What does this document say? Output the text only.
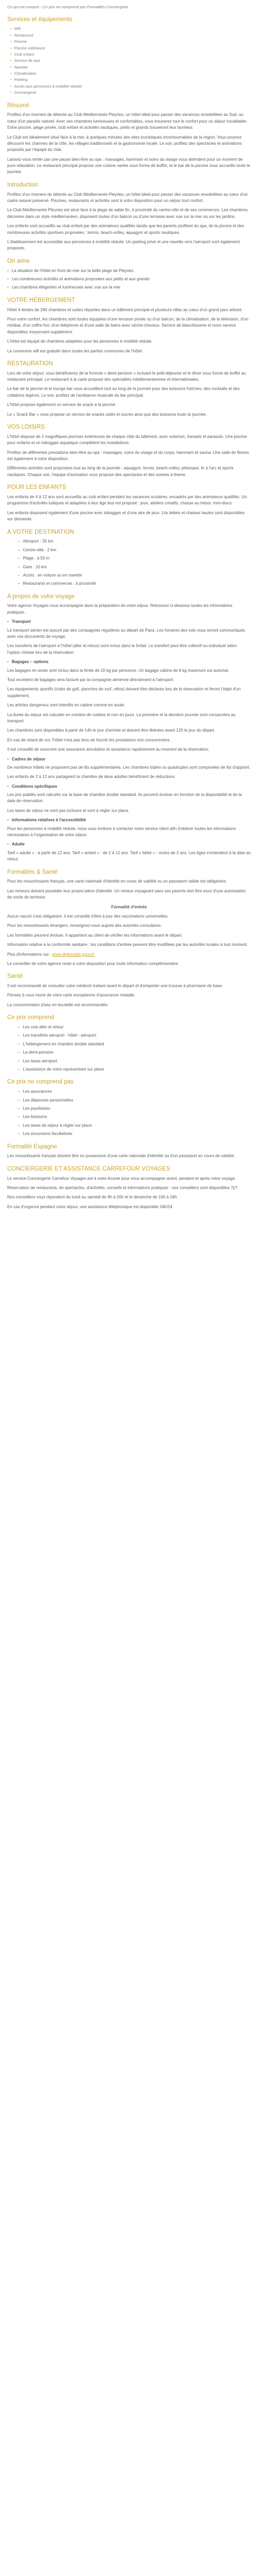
Ce qui est compris - Ce prix ne comprend pas Formalités Conciergerie

Services et équipements
• Wifi
• Restaurant
• Piscine
• Piscine extérieure
• Club enfant
• Service de spa
• Navette
• Climatisation
• Parking
• Accès aux personnes à mobilité réduite
• Conciergerie
Résumé

Profitez d'un moment de détente au Club Méditerranée Pleyries, un hôtel idéal pour passer des vacances ensoleillées au Sud, au cœur d'un paradis naturel. Avec ses chambres lumineuses et confortables, vous trouverez tout le confort pour un séjour inoubliable. Entre piscine, plage privée, club enfant et activités nautiques, petits et grands trouveront leur bonheur.

Le Club est idéalement situé face à la mer, à quelques minutes des sites touristiques incontournables de la région. Vous pourrez découvrir les charmes de la côte, les villages traditionnels et la gastronomie locale. Le soir, profitez des spectacles et animations proposés par l'équipe du club.

Laissez-vous tenter par une pause bien-être au spa : massages, hammam et soins du visage vous attendent pour un moment de pure relaxation. Le restaurant principal propose une cuisine variée sous forme de buffet, et le bar de la piscine vous accueille toute la journée.

Introduction

Profitez d'un moment de détente au Club Méditerranée Pleyries, un hôtel idéal pour passer des vacances ensoleillées au cœur d'un cadre naturel préservé. Piscines, restaurants et activités sont à votre disposition pour un séjour tout confort.

Le Club Méditerranée Pleyries est situé face à la plage de sable fin, à proximité du centre-ville et de ses commerces. Les chambres, décorées dans un style méditerranéen, disposent toutes d'un balcon ou d'une terrasse avec vue sur la mer ou sur les jardins.

Les enfants sont accueillis au club enfant par des animateurs qualifiés tandis que les parents profitent du spa, de la piscine et des nombreuses activités sportives proposées : tennis, beach-volley, aquagym et sports nautiques.

L'établissement est accessible aux personnes à mobilité réduite. Un parking privé et une navette vers l'aéroport sont également proposés.

On aime

• La situation de l'hôtel en front de mer sur la belle plage de Pleyries

• Les nombreuses activités et animations proposées aux petits et aux grands

• Les chambres élégantes et lumineuses avec vue sur la mer

VOTRE HÉBERGEMENT

Hôtel 4 étoiles de 296 chambres et suites réparties dans un bâtiment principal et plusieurs villas au cœur d'un grand parc arboré.

Pour votre confort, les chambres sont toutes équipées d'une terrasse privée ou d'un balcon, de la climatisation, de la télévision, d'un minibar, d'un coffre-fort, d'un téléphone et d'une salle de bains avec sèche-cheveux. Service de blanchisserie et room service disponibles moyennant supplément.

L'hôtel est équipé de chambres adaptées pour les personnes à mobilité réduite.

La connexion wifi est gratuite dans toutes les parties communes de l'hôtel.

RESTAURATION

Lors de votre séjour, vous bénéficierez de la formule « demi-pension » incluant le petit-déjeuner et le dîner sous forme de buffet au restaurant principal. Le restaurant à la carte propose des spécialités méditerranéennes et internationales.

Le bar de la piscine et le lounge bar vous accueillent tout au long de la journée pour des boissons fraîches, des cocktails et des collations légères. Le soir, profitez de l'ambiance musicale du bar principal.

L'hôtel propose également un service de snack à la piscine.

Le « Snack Bar » vous propose un service de snacks salés et sucrés ainsi que des boissons toute la journée.

VOS LOISIRS

L'hôtel dispose de 2 magnifiques piscines extérieures de chaque côté du bâtiment, avec solarium, transats et parasols. Une piscine pour enfants et un toboggan aquatique complètent les installations.

Profitez de différentes prestations bien-être au spa : massages, soins du visage et du corps, hammam et sauna. Une salle de fitness est également à votre disposition.

Différentes activités sont proposées tout au long de la journée : aquagym, tennis, beach-volley, pétanque, tir à l'arc et sports nautiques. Chaque soir, l'équipe d'animation vous propose des spectacles et des soirées à thème.

POUR LES ENFANTS

Les enfants de 4 à 12 ans sont accueillis au club enfant pendant les vacances scolaires, encadrés par des animateurs qualifiés. Un programme d'activités ludiques et adaptées à leur âge leur est proposé : jeux, ateliers créatifs, chasse au trésor, mini-disco.

Les enfants disposent également d'une piscine avec toboggan et d'une aire de jeux. Lits bébés et chaises hautes sont disponibles sur demande.

A VOTRE DESTINATION

– Aéroport : 35 km

– Centre-ville : 2 km

– Plage : à 50 m

– Gare : 10 km

– Accès : en voiture ou en navette

– Restaurants et commerces : à proximité

A propos de votre voyage

Votre agence Voyages vous accompagne dans la préparation de votre séjour. Retrouvez ci-dessous toutes les informations pratiques.

• Transport

Le transport aérien est assuré par des compagnies régulières au départ de Paris. Les horaires des vols vous seront communiqués avec vos documents de voyage.

Les transferts de l'aéroport à l'hôtel (aller et retour) sont inclus dans le forfait. Le transfert peut être collectif ou individuel selon l'option choisie lors de la réservation.

• Bagages – options

Les bagages en soute sont inclus dans la limite de 20 kg par personne. Un bagage cabine de 8 kg maximum est autorisé.

Tout excédent de bagages sera facturé par la compagnie aérienne directement à l'aéroport.

Les équipements sportifs (clubs de golf, planches de surf, vélos) doivent être déclarés lors de la réservation et feront l'objet d'un supplément.

Les articles dangereux sont interdits en cabine comme en soute.

La durée du séjour est calculée en nombre de nuitées et non en jours. La première et la dernière journée sont consacrées au transport.

Les chambres sont disponibles à partir de 14h le jour d'arrivée et doivent être libérées avant 12h le jour du départ.

En cas de retard de vol, l'hôtel n'est pas tenu de fournir les prestations non consommées.

Il est conseillé de souscrire une assurance annulation et assistance rapatriement au moment de la réservation.

• Cadres de séjour

De nombreux hôtels ne proposent pas de lits supplémentaires. Les chambres triples ou quadruples sont composées de lits d'appoint.

Les enfants de 2 à 12 ans partageant la chambre de deux adultes bénéficient de réductions.

• Conditions spécifiques

Les prix publiés sont calculés sur la base de chambre double standard. Ils peuvent évoluer en fonction de la disponibilité et de la date de réservation.

Les taxes de séjour ne sont pas incluses et sont à régler sur place.

• Informations relatives à l'accessibilité

Pour les personnes à mobilité réduite, nous vous invitons à contacter notre service client afin d'obtenir toutes les informations nécessaires à l'organisation de votre séjour.

• Adulte

Tarif « adulte » : à partir de 12 ans. Tarif « enfant » : de 2 à 12 ans. Tarif « bébé » : moins de 2 ans. Les âges s'entendent à la date du retour.

Formalités & Santé

Pour les ressortissants français, une carte nationale d'identité en cours de validité ou un passeport valide est obligatoire.

Les mineurs doivent posséder leur propre pièce d'identité. Un mineur voyageant sans ses parents doit être muni d'une autorisation de sortie de territoire.

Formalité d'entrée

Aucun vaccin n'est obligatoire. Il est conseillé d'être à jour des vaccinations universelles.

Pour les ressortissants étrangers, renseignez-vous auprès des autorités consulaires.

Les formalités peuvent évoluer. Il appartient au client de vérifier les informations avant le départ.

Information relative à la conformité sanitaire : les conditions d'entrée peuvent être modifiées par les autorités locales à tout moment.

Plus d'informations sur : www.diplomatie.gouv.fr

Le conseiller de votre agence reste à votre disposition pour toute information complémentaire.

Santé

Il est recommandé de consulter votre médecin traitant avant le départ et d'emporter une trousse à pharmacie de base.

Pensez à vous munir de votre carte européenne d'assurance maladie.

La consommation d'eau en bouteille est recommandée.

Ce prix comprend

– Les vols aller et retour

– Les transferts aéroport - hôtel - aéroport

– L'hébergement en chambre double standard

– La demi-pension

– Les taxes aéroport

– L'assistance de notre représentant sur place

Ce prix ne comprend pas

– Les assurances

– Les dépenses personnelles

– Les pourboires

– Les boissons

– Les taxes de séjour à régler sur place

– Les excursions facultatives

Formalité Espagne

Les ressortissants français doivent être en possession d'une carte nationale d'identité ou d'un passeport en cours de validité.

CONCIERGERIE ET ASSISTANCE CARREFOUR VOYAGES

Le service Conciergerie Carrefour Voyages est à votre écoute pour vous accompagner avant, pendant et après votre voyage.

Réservation de restaurants, de spectacles, d'activités, conseils et informations pratiques : nos conseillers sont disponibles 7j/7.

Nos conseillers vous répondent du lundi au samedi de 9h à 20h et le dimanche de 10h à 18h.

En cas d'urgence pendant votre séjour, une assistance téléphonique est disponible 24h/24.
